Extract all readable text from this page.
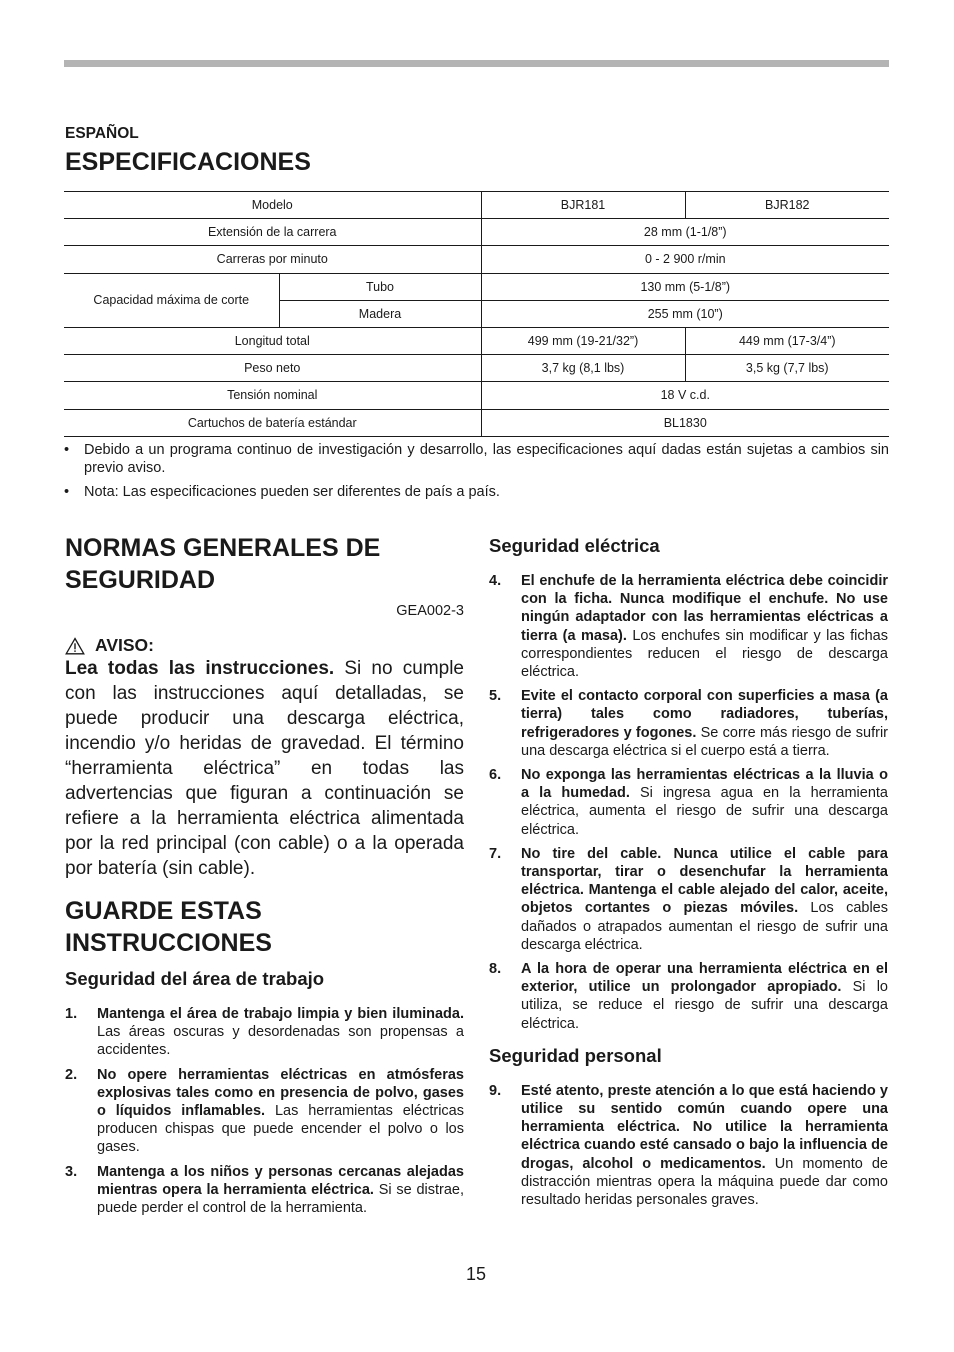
ESPAÑOL

ESPECIFICACIONES
Modelo		BJR181	BJR182
Extensión de la carrera		28 mm (1-1/8”)	
Carreras por minuto		0 - 2 900 r/min	
Capacidad máxima de corte	Tubo	130 mm (5-1/8”)	
	Madera	255 mm (10”)	
Longitud total		499 mm (19-21/32”)	449 mm (17-3/4”)
Peso neto		3,7 kg (8,1 lbs)	3,5 kg (7,7 lbs)
Tensión nominal		18 V c.d.	
Cartuchos de batería estándar		BL1830	
•	Debido a un programa continuo de investigación y desarrollo, las especificaciones aquí dadas están sujetas a cambios sin previo aviso.
•	Nota: Las especificaciones pueden ser diferentes de país a país.
NORMAS GENERALES DE
SEGURIDAD
GEA002-3
AVISO:

Lea todas las instrucciones. Si no cumple con las instrucciones aquí detalladas, se puede producir una descarga eléctrica, incendio y/o heridas de gravedad. El término “herramienta eléctrica” en todas las advertencias que figuran a continuación se refiere a la herramienta eléctrica alimentada por la red principal (con cable) o a la operada por batería (sin cable).

GUARDE ESTAS
INSTRUCCIONES
Seguridad del área de trabajo
1.	Mantenga el área de trabajo limpia y bien iluminada. Las áreas oscuras y desordenadas son propensas a accidentes.
2.	No opere herramientas eléctricas en atmósferas explosivas tales como en presencia de polvo, gases o líquidos inflamables. Las herramientas eléctricas producen chispas que puede encender el polvo o los gases.
3.	Mantenga a los niños y personas cercanas alejadas mientras opera la herramienta eléctrica. Si se distrae, puede perder el control de la herramienta.
Seguridad eléctrica
4.	El enchufe de la herramienta eléctrica debe coincidir con la ficha. Nunca modifique el enchufe. No use ningún adaptador con las herramientas eléctricas a tierra (a masa). Los enchufes sin modificar y las fichas correspondientes reducen el riesgo de descarga eléctrica.
5.	Evite el contacto corporal con superficies a masa (a tierra) tales como radiadores, tuberías, refrigeradores y fogones. Se corre más riesgo de sufrir una descarga eléctrica si el cuerpo está a tierra.
6.	No exponga las herramientas eléctricas a la lluvia o a la humedad. Si ingresa agua en la herramienta eléctrica, aumenta el riesgo de sufrir una descarga eléctrica.
7.	No tire del cable. Nunca utilice el cable para transportar, tirar o desenchufar la herramienta eléctrica. Mantenga el cable alejado del calor, aceite, objetos cortantes o piezas móviles. Los cables dañados o atrapados aumentan el riesgo de sufrir una descarga eléctrica.
8.	A la hora de operar una herramienta eléctrica en el exterior, utilice un prolongador apropiado. Si lo utiliza, se reduce el riesgo de sufrir una descarga eléctrica.
Seguridad personal
9.	Esté atento, preste atención a lo que está haciendo y utilice su sentido común cuando opere una herramienta eléctrica. No utilice la herramienta eléctrica cuando esté cansado o bajo la influencia de drogas, alcohol o medicamentos. Un momento de distracción mientras opera la máquina puede dar como resultado heridas personales graves.
15
